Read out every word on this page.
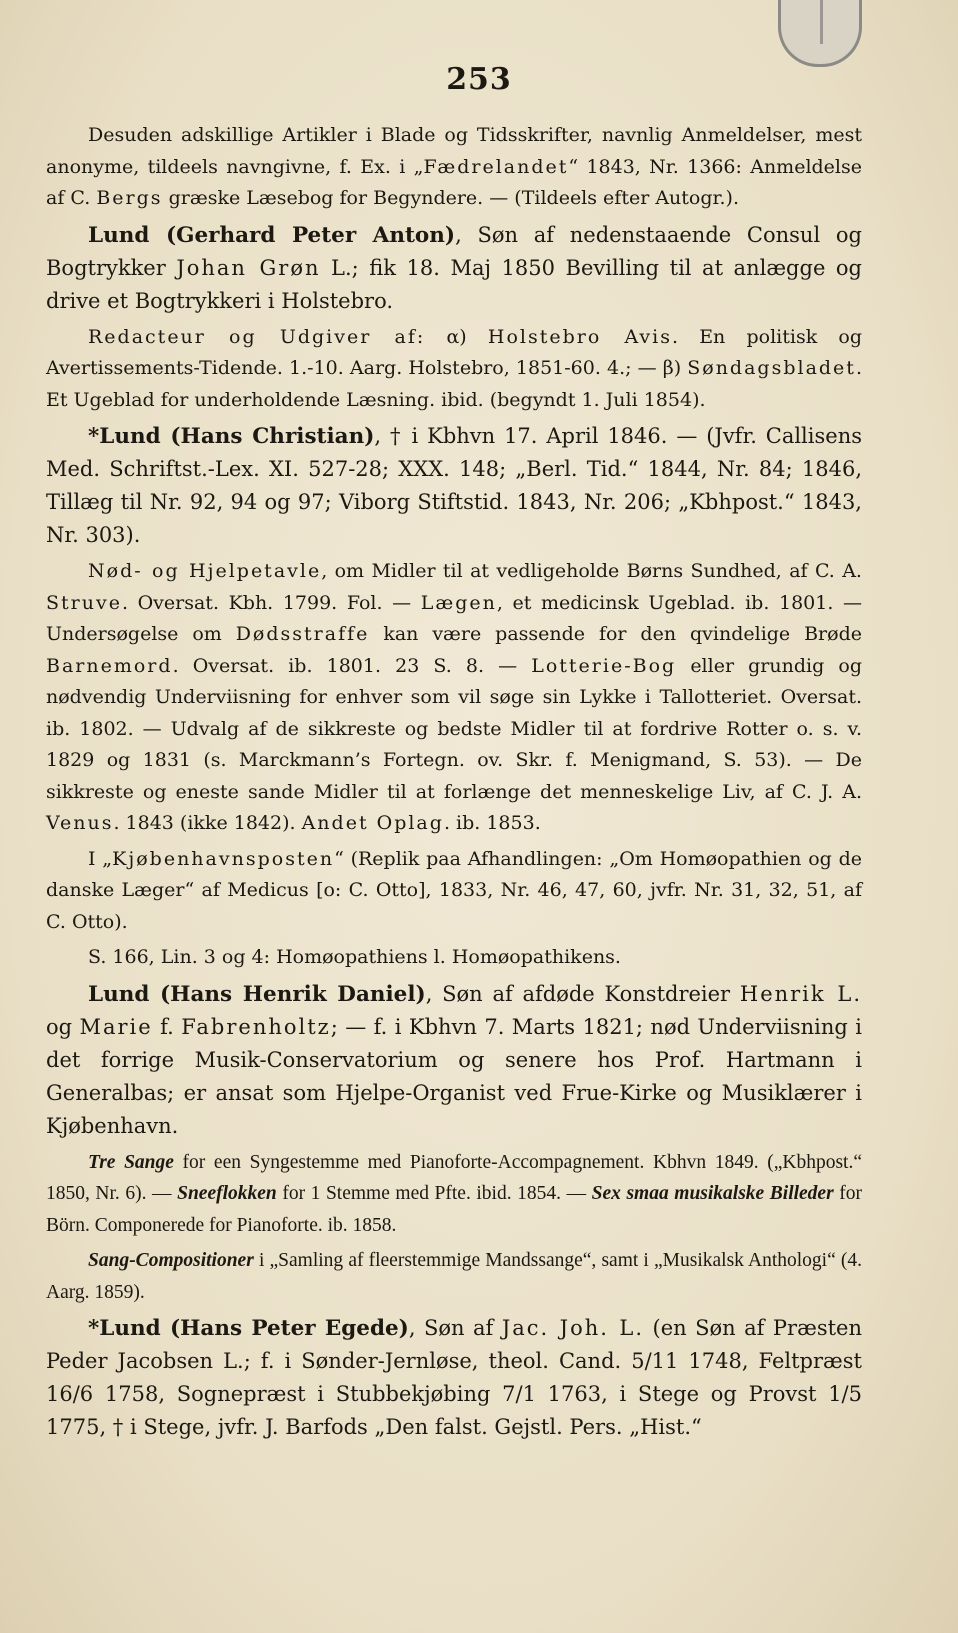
253

Desuden adskillige Artikler i Blade og Tidsskrifter, navnlig Anmeldelser, mest anonyme, tildeels navngivne, f. Ex. i „Fædrelandet“ 1843, Nr. 1366: Anmeldelse af C. Bergs græske Læsebog for Begyndere. — (Tildeels efter Autogr.).

Lund (Gerhard Peter Anton), Søn af nedenstaaende Consul og Bogtrykker Johan Grøn L.; fik 18. Maj 1850 Bevilling til at anlægge og drive et Bogtrykkeri i Holstebro.

Redacteur og Udgiver af: α) Holstebro Avis. En politisk og Avertissements-Tidende. 1.-10. Aarg. Holstebro, 1851-60. 4.; — β) Søndagsbladet. Et Ugeblad for underholdende Læsning. ibid. (begyndt 1. Juli 1854).

*Lund (Hans Christian), † i Kbhvn 17. April 1846. — (Jvfr. Callisens Med. Schriftst.-Lex. XI. 527-28; XXX. 148; „Berl. Tid.“ 1844, Nr. 84; 1846, Tillæg til Nr. 92, 94 og 97; Viborg Stiftstid. 1843, Nr. 206; „Kbhpost.“ 1843, Nr. 303).

Nød- og Hjelpetavle, om Midler til at vedligeholde Børns Sundhed, af C. A. Struve. Oversat. Kbh. 1799. Fol. — Lægen, et medicinsk Ugeblad. ib. 1801. — Undersøgelse om Dødsstraffe kan være passende for den qvindelige Brøde Barnemord. Oversat. ib. 1801. 23 S. 8. — Lotterie-Bog eller grundig og nødvendig Underviisning for enhver som vil søge sin Lykke i Tallotteriet. Oversat. ib. 1802. — Udvalg af de sikkreste og bedste Midler til at fordrive Rotter o. s. v. 1829 og 1831 (s. Marckmann’s Fortegn. ov. Skr. f. Menigmand, S. 53). — De sikkreste og eneste sande Midler til at forlænge det menneskelige Liv, af C. J. A. Venus. 1843 (ikke 1842). Andet Oplag. ib. 1853.

I „Kjøbenhavnsposten“ (Replik paa Afhandlingen: „Om Homøopathien og de danske Læger“ af Medicus [o: C. Otto], 1833, Nr. 46, 47, 60, jvfr. Nr. 31, 32, 51, af C. Otto).

S. 166, Lin. 3 og 4: Homøopathiens l. Homøopathikens.

Lund (Hans Henrik Daniel), Søn af afdøde Konstdreier Henrik L. og Marie f. Fabrenholtz; — f. i Kbhvn 7. Marts 1821; nød Underviisning i det forrige Musik-Conservatorium og senere hos Prof. Hartmann i Generalbas; er ansat som Hjelpe-Organist ved Frue-Kirke og Musiklærer i Kjøbenhavn.

Tre Sange for een Syngestemme med Pianoforte-Accompagnement. Kbhvn 1849. („Kbhpost.“ 1850, Nr. 6). — Sneeflokken for 1 Stemme med Pfte. ibid. 1854. — Sex smaa musikalske Billeder for Börn. Componerede for Pianoforte. ib. 1858.

Sang-Compositioner i „Samling af fleerstemmige Mandssange“, samt i „Musikalsk Anthologi“ (4. Aarg. 1859).

*Lund (Hans Peter Egede), Søn af Jac. Joh. L. (en Søn af Præsten Peder Jacobsen L.; f. i Sønder-Jernløse, theol. Cand. 5/11 1748, Feltpræst 16/6 1758, Sognepræst i Stubbekjøbing 7/1 1763, i Stege og Provst 1/5 1775, † i Stege, jvfr. J. Barfods „Den falst. Gejstl. Pers. „Hist.“
